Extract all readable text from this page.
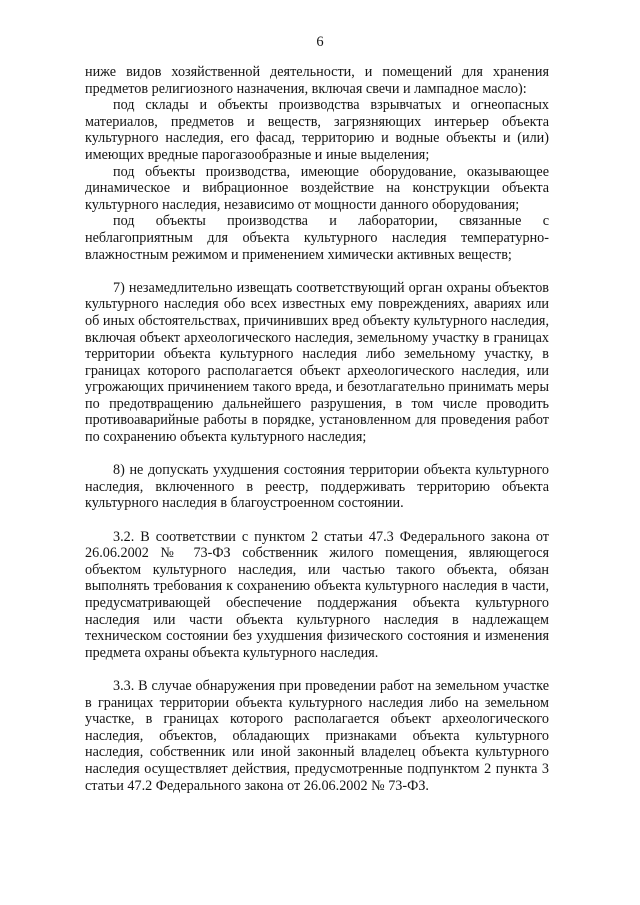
6

ниже видов хозяйственной деятельности, и помещений для хранения предметов религиозного назначения, включая свечи и лампадное масло):

под склады и объекты производства взрывчатых и огнеопасных материалов, предметов и веществ, загрязняющих интерьер объекта культурного наследия, его фасад, территорию и водные объекты и (или) имеющих вредные парогазообразные и иные выделения;

под объекты производства, имеющие оборудование, оказывающее динамическое и вибрационное воздействие на конструкции объекта культурного наследия, независимо от мощности данного оборудования;

под объекты производства и лаборатории, связанные с неблагоприятным для объекта культурного наследия температурно-влажностным режимом и применением химически активных веществ;

7) незамедлительно извещать соответствующий орган охраны объектов культурного наследия обо всех известных ему повреждениях, авариях или об иных обстоятельствах, причинивших вред объекту культурного наследия, включая объект археологического наследия, земельному участку в границах территории объекта культурного наследия либо земельному участку, в границах которого располагается объект археологического наследия, или угрожающих причинением такого вреда, и безотлагательно принимать меры по предотвращению дальнейшего разрушения, в том числе проводить противоаварийные работы в порядке, установленном для проведения работ по сохранению объекта культурного наследия;

8) не допускать ухудшения состояния территории объекта культурного наследия, включенного в реестр, поддерживать территорию объекта культурного наследия в благоустроенном состоянии.

3.2. В соответствии с пунктом 2 статьи 47.3 Федерального закона от 26.06.2002 № 73-ФЗ собственник жилого помещения, являющегося объектом культурного наследия, или частью такого объекта, обязан выполнять требования к сохранению объекта культурного наследия в части, предусматривающей обеспечение поддержания объекта культурного наследия или части объекта культурного наследия в надлежащем техническом состоянии без ухудшения физического состояния и изменения предмета охраны объекта культурного наследия.

3.3. В случае обнаружения при проведении работ на земельном участке в границах территории объекта культурного наследия либо на земельном участке, в границах которого располагается объект археологического наследия, объектов, обладающих признаками объекта культурного наследия, собственник или иной законный владелец объекта культурного наследия осуществляет действия, предусмотренные подпунктом 2 пункта 3 статьи 47.2 Федерального закона от 26.06.2002 № 73-ФЗ.
